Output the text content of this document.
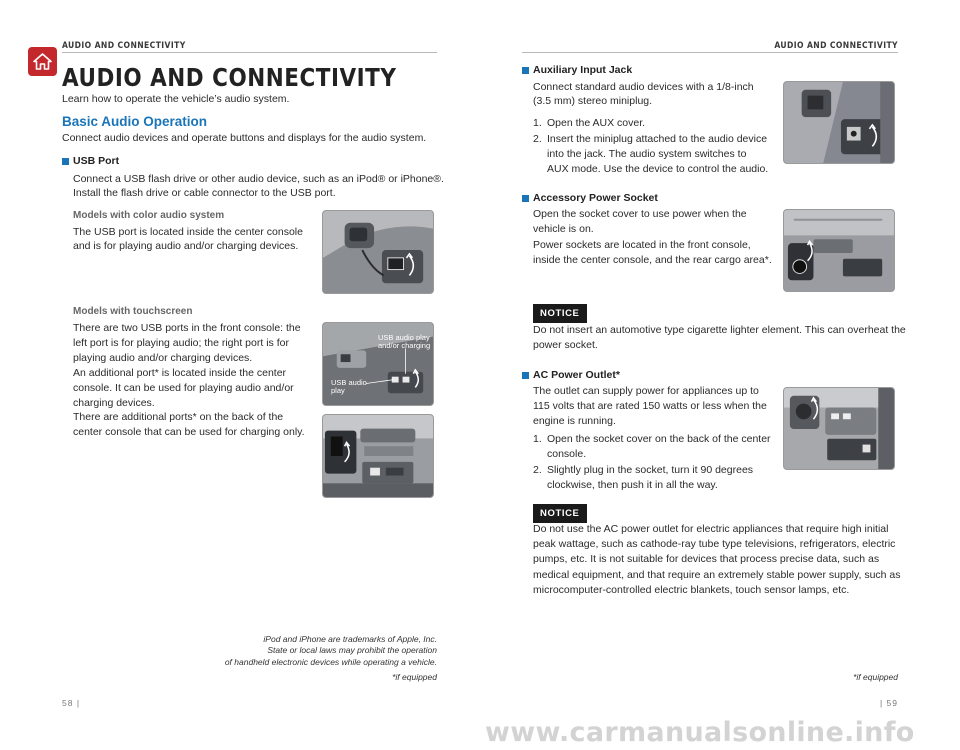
AUDIO AND CONNECTIVITY
AUDIO AND CONNECTIVITY

Learn how to operate the vehicle’s audio system.

Basic Audio Operation

Connect audio devices and operate buttons and displays for the audio system.

USB Port

Connect a USB flash drive or other audio device, such as an iPod® or iPhone®.

Install the flash drive or cable connector to the USB port.

Models with color audio system

The USB port is located inside the center console

and is for playing audio and/or charging devices.

Models with touchscreen

There are two USB ports in the front console: the

left port is for playing audio; the right port is for

playing audio and/or charging devices.

An additional port* is located inside the center

console. It can be used for playing audio and/or

charging devices.

There are additional ports* on the back of the

center console that can be used for charging only.

USB audio play
and/or charging
USB audio
play
iPod and iPhone are trademarks of Apple, Inc.
State or local laws may prohibit the operation
of handheld electronic devices while operating a vehicle.
*if equipped
58 |
AUDIO AND CONNECTIVITY
Auxiliary Input Jack

Connect standard audio devices with a 1/8-inch

(3.5 mm) stereo miniplug.

1. Open the AUX cover.
2. Insert the miniplug attached to the audio device
into the jack. The audio system switches to
AUX mode. Use the device to control the audio.
Accessory Power Socket

Open the socket cover to use power when the

vehicle is on.

Power sockets are located in the front console,

inside the center console, and the rear cargo area*.

NOTICE

Do not insert an automotive type cigarette lighter element. This can overheat the

power socket.

AC Power Outlet*

The outlet can supply power for appliances up to

115 volts that are rated 150 watts or less when the

engine is running.

1. Open the socket cover on the back of the center
console.
2. Slightly plug in the socket, turn it 90 degrees
clockwise, then push it in all the way.
NOTICE

Do not use the AC power outlet for electric appliances that require high initial

peak wattage, such as cathode-ray tube type televisions, refrigerators, electric

pumps, etc. It is not suitable for devices that process precise data, such as

medical equipment, and that require an extremely stable power supply, such as

microcomputer-controlled electric blankets, touch sensor lamps, etc.

*if equipped
| 59
www.carmanualsonline.info
